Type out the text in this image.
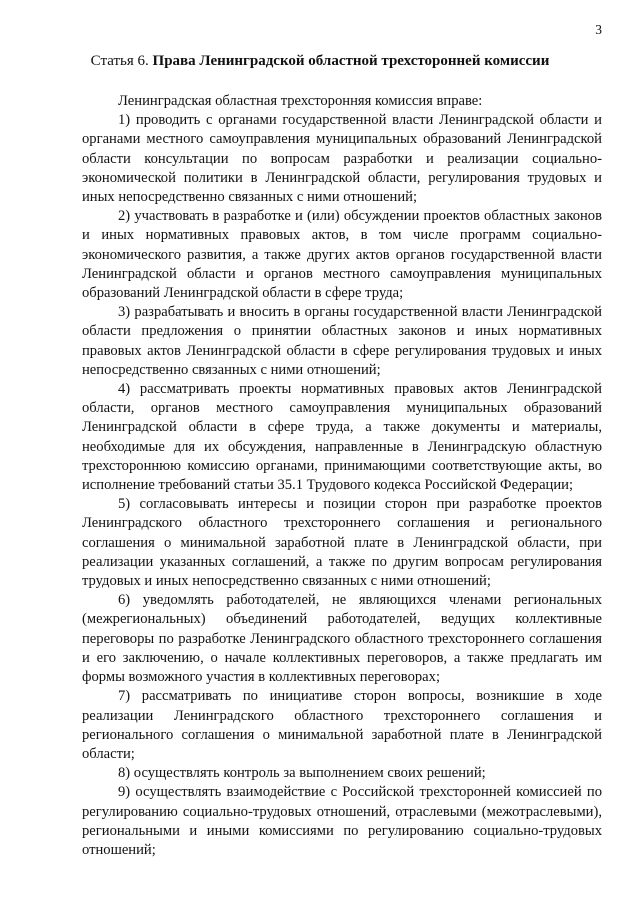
3
Статья 6. Права Ленинградской областной трехсторонней комиссии

Ленинградская областная трехсторонняя комиссия вправе:

1) проводить с органами государственной власти Ленинградской области и органами местного самоуправления муниципальных образований Ленинградской области консультации по вопросам разработки и реализации социально-экономической политики в Ленинградской области, регулирования трудовых и иных непосредственно связанных с ними отношений;

2) участвовать в разработке и (или) обсуждении проектов областных законов и иных нормативных правовых актов, в том числе программ социально-экономического развития, а также других актов органов государственной власти Ленинградской области и органов местного самоуправления муниципальных образований Ленинградской области в сфере труда;

3) разрабатывать и вносить в органы государственной власти Ленинградской области предложения о принятии областных законов и иных нормативных правовых актов Ленинградской области в сфере регулирования трудовых и иных непосредственно связанных с ними отношений;

4) рассматривать проекты нормативных правовых актов Ленинградской области, органов местного самоуправления муниципальных образований Ленинградской области в сфере труда, а также документы и материалы, необходимые для их обсуждения, направленные в Ленинградскую областную трехстороннюю комиссию органами, принимающими соответствующие акты, во исполнение требований статьи 35.1 Трудового кодекса Российской Федерации;

5) согласовывать интересы и позиции сторон при разработке проектов Ленинградского областного трехстороннего соглашения и регионального соглашения о минимальной заработной плате в Ленинградской области, при реализации указанных соглашений, а также по другим вопросам регулирования трудовых и иных непосредственно связанных с ними отношений;

6) уведомлять работодателей, не являющихся членами региональных (межрегиональных) объединений работодателей, ведущих коллективные переговоры по разработке Ленинградского областного трехстороннего соглашения и его заключению, о начале коллективных переговоров, а также предлагать им формы возможного участия в коллективных переговорах;

7) рассматривать по инициативе сторон вопросы, возникшие в ходе реализации Ленинградского областного трехстороннего соглашения и регионального соглашения о минимальной заработной плате в Ленинградской области;

8) осуществлять контроль за выполнением своих решений;

9) осуществлять взаимодействие с Российской трехсторонней комиссией по регулированию социально-трудовых отношений, отраслевыми (межотраслевыми), региональными и иными комиссиями по регулированию социально-трудовых отношений;
